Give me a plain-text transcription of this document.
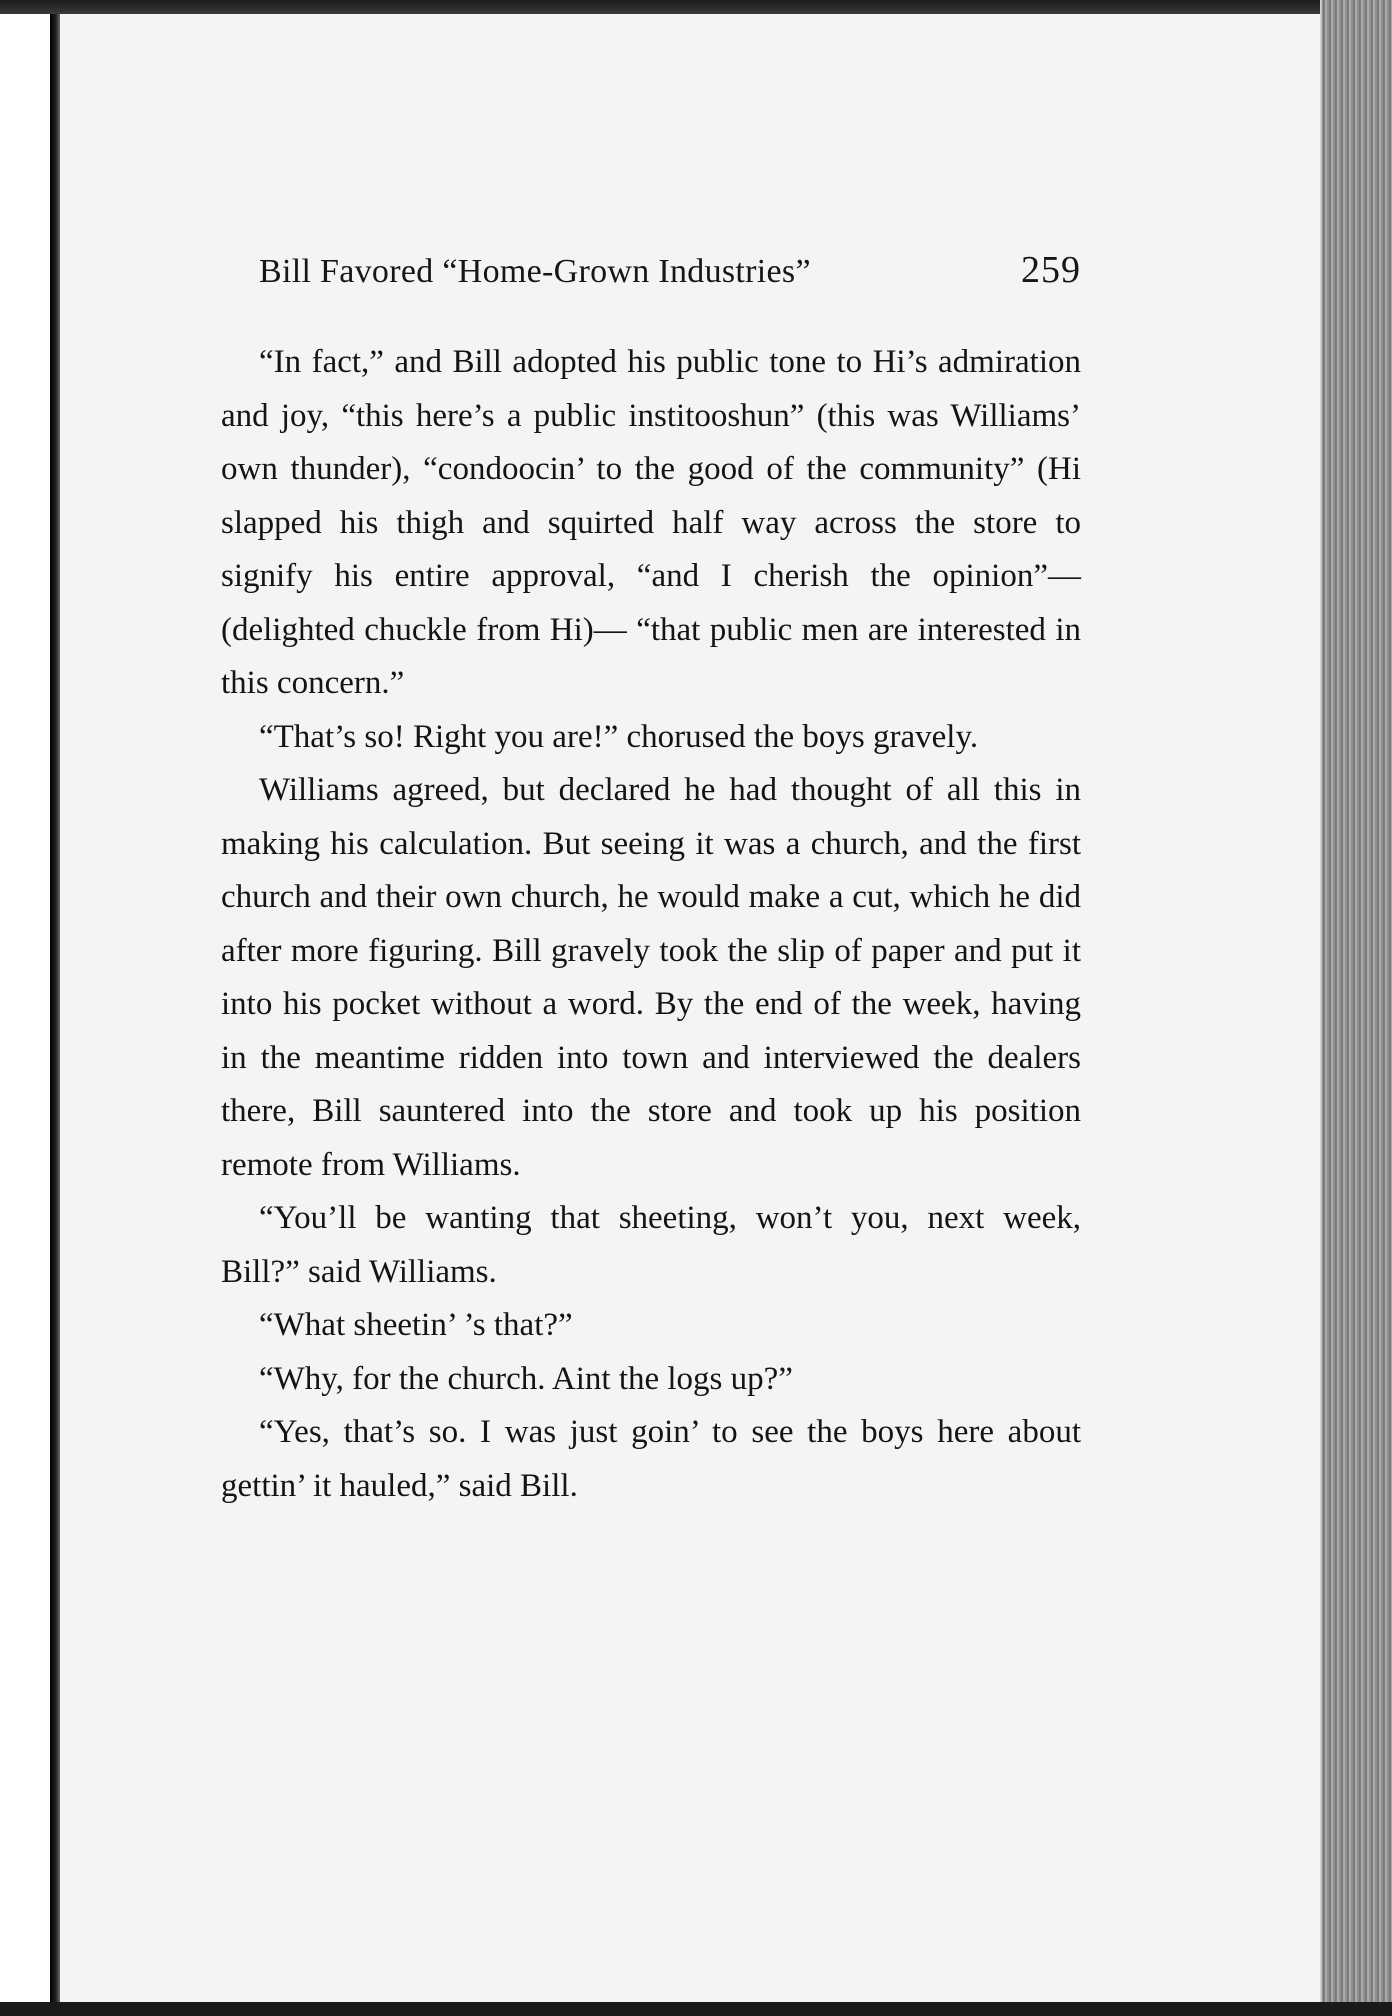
Bill Favored “Home-Grown Industries”	259

“In fact,” and Bill adopted his public tone to Hi’s admiration and joy, “this here’s a public institooshun” (this was Williams’ own thunder), “condoocin’ to the good of the community” (Hi slapped his thigh and squirted half way across the store to signify his entire approval, “and I cherish the opinion”—(delighted chuckle from Hi)— “that public men are interested in this concern.”

“That’s so! Right you are!” chorused the boys gravely.

Williams agreed, but declared he had thought of all this in making his calculation. But seeing it was a church, and the first church and their own church, he would make a cut, which he did after more figuring. Bill gravely took the slip of paper and put it into his pocket without a word. By the end of the week, having in the meantime ridden into town and interviewed the dealers there, Bill sauntered into the store and took up his position remote from Williams.

“You’ll be wanting that sheeting, won’t you, next week, Bill?” said Williams.

“What sheetin’ ’s that?”

“Why, for the church. Aint the logs up?”

“Yes, that’s so. I was just goin’ to see the boys here about gettin’ it hauled,” said Bill.
